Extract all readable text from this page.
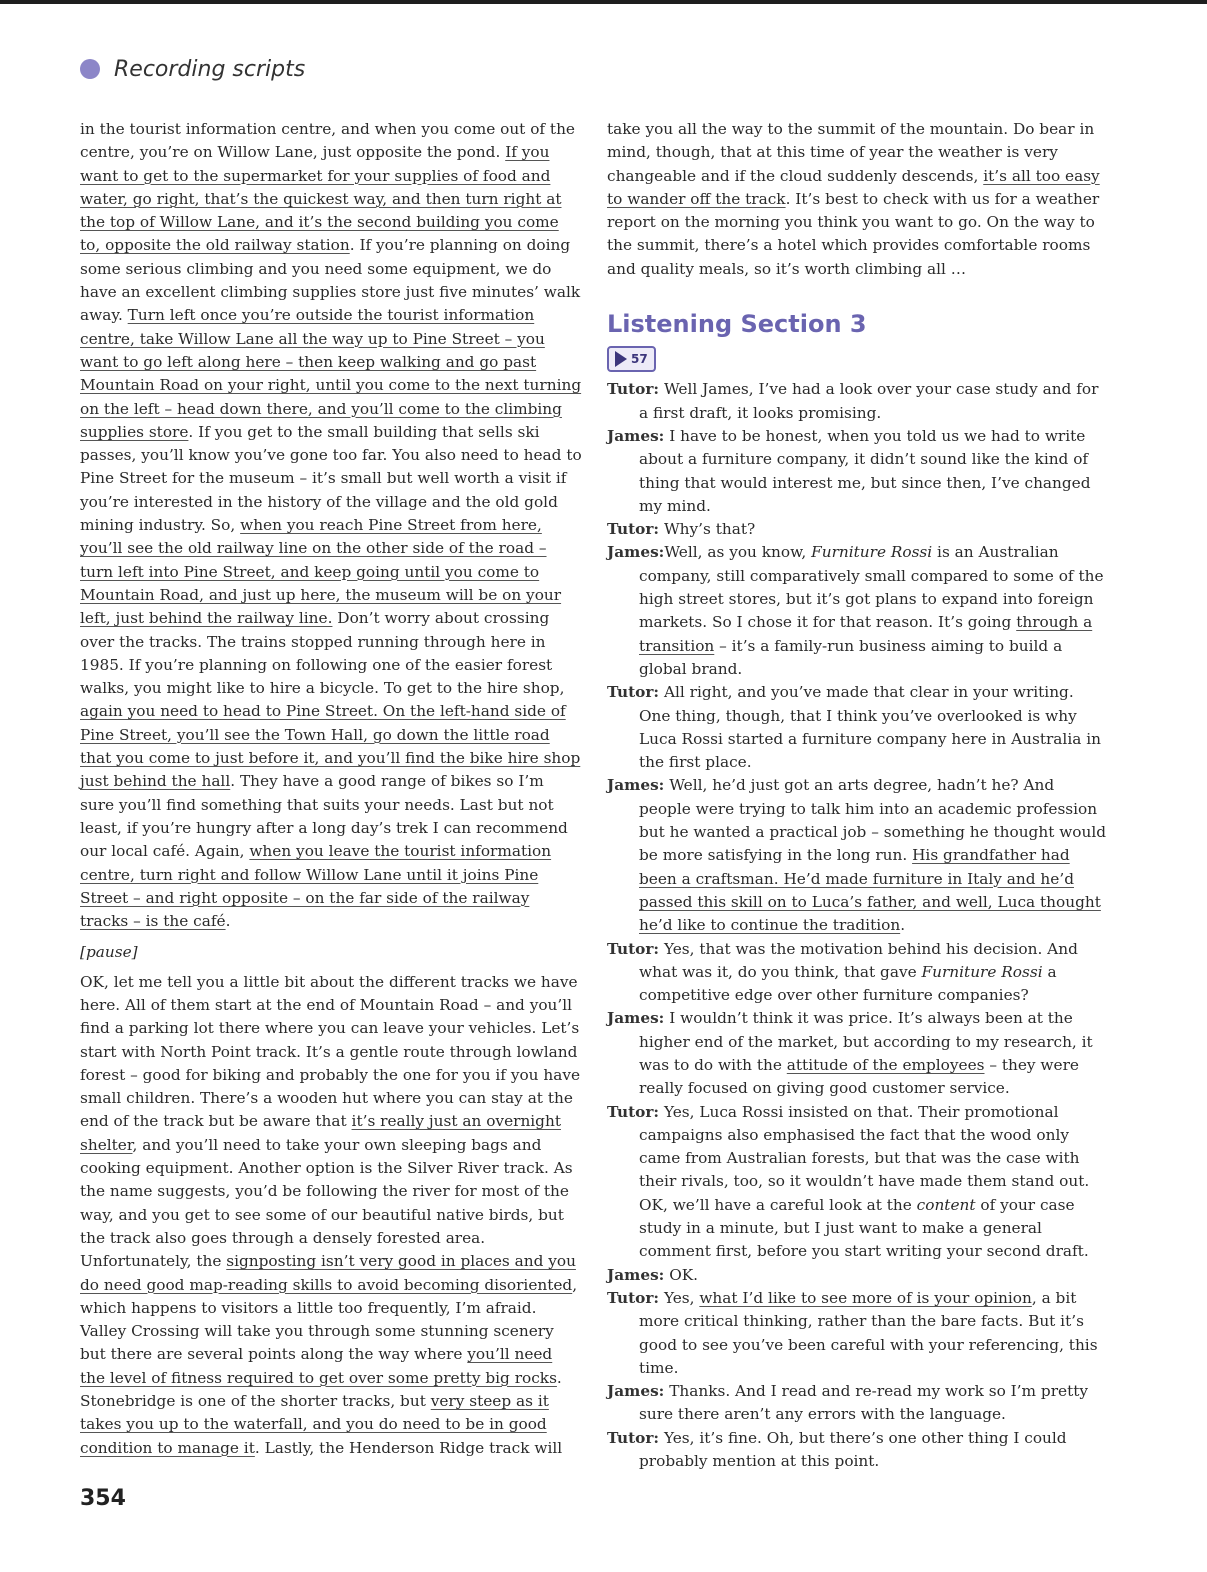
Recording scripts

in the tourist information centre, and when you come out of the centre, you’re on Willow Lane, just opposite the pond. If you want to get to the supermarket for your supplies of food and water, go right, that’s the quickest way, and then turn right at the top of Willow Lane, and it’s the second building you come to, opposite the old railway station. If you’re planning on doing some serious climbing and you need some equipment, we do have an excellent climbing supplies store just five minutes’ walk away. Turn left once you’re outside the tourist information centre, take Willow Lane all the way up to Pine Street – you want to go left along here – then keep walking and go past Mountain Road on your right, until you come to the next turning on the left – head down there, and you’ll come to the climbing supplies store. If you get to the small building that sells ski passes, you’ll know you’ve gone too far. You also need to head to Pine Street for the museum – it’s small but well worth a visit if you’re interested in the history of the village and the old gold mining industry. So, when you reach Pine Street from here, you’ll see the old railway line on the other side of the road – turn left into Pine Street, and keep going until you come to Mountain Road, and just up here, the museum will be on your left, just behind the railway line. Don’t worry about crossing over the tracks. The trains stopped running through here in 1985. If you’re planning on following one of the easier forest walks, you might like to hire a bicycle. To get to the hire shop, again you need to head to Pine Street. On the left-hand side of Pine Street, you’ll see the Town Hall, go down the little road that you come to just before it, and you’ll find the bike hire shop just behind the hall. They have a good range of bikes so I’m sure you’ll find something that suits your needs. Last but not least, if you’re hungry after a long day’s trek I can recommend our local café. Again, when you leave the tourist information centre, turn right and follow Willow Lane until it joins Pine Street – and right opposite – on the far side of the railway tracks – is the café.

[pause]

OK, let me tell you a little bit about the different tracks we have here. All of them start at the end of Mountain Road – and you’ll find a parking lot there where you can leave your vehicles. Let’s start with North Point track. It’s a gentle route through lowland forest – good for biking and probably the one for you if you have small children. There’s a wooden hut where you can stay at the end of the track but be aware that it’s really just an overnight shelter, and you’ll need to take your own sleeping bags and cooking equipment. Another option is the Silver River track. As the name suggests, you’d be following the river for most of the way, and you get to see some of our beautiful native birds, but the track also goes through a densely forested area. Unfortunately, the signposting isn’t very good in places and you do need good map-reading skills to avoid becoming disoriented, which happens to visitors a little too frequently, I’m afraid. Valley Crossing will take you through some stunning scenery but there are several points along the way where you’ll need the level of fitness required to get over some pretty big rocks. Stonebridge is one of the shorter tracks, but very steep as it takes you up to the waterfall, and you do need to be in good condition to manage it. Lastly, the Henderson Ridge track will

take you all the way to the summit of the mountain. Do bear in mind, though, that at this time of year the weather is very changeable and if the cloud suddenly descends, it’s all too easy to wander off the track. It’s best to check with us for a weather report on the morning you think you want to go. On the way to the summit, there’s a hotel which provides comfortable rooms and quality meals, so it’s worth climbing all …

Listening Section 3
57

Tutor: Well James, I’ve had a look over your case study and for a first draft, it looks promising.

James: I have to be honest, when you told us we had to write about a furniture company, it didn’t sound like the kind of thing that would interest me, but since then, I’ve changed my mind.

Tutor: Why’s that?

James:Well, as you know, Furniture Rossi is an Australian company, still comparatively small compared to some of the high street stores, but it’s got plans to expand into foreign markets. So I chose it for that reason. It’s going through a transition – it’s a family-run business aiming to build a global brand.

Tutor: All right, and you’ve made that clear in your writing. One thing, though, that I think you’ve overlooked is why Luca Rossi started a furniture company here in Australia in the first place.

James: Well, he’d just got an arts degree, hadn’t he? And people were trying to talk him into an academic profession but he wanted a practical job – something he thought would be more satisfying in the long run. His grandfather had been a craftsman. He’d made furniture in Italy and he’d passed this skill on to Luca’s father, and well, Luca thought he’d like to continue the tradition.

Tutor: Yes, that was the motivation behind his decision. And what was it, do you think, that gave Furniture Rossi a competitive edge over other furniture companies?

James: I wouldn’t think it was price. It’s always been at the higher end of the market, but according to my research, it was to do with the attitude of the employees – they were really focused on giving good customer service.

Tutor: Yes, Luca Rossi insisted on that. Their promotional campaigns also emphasised the fact that the wood only came from Australian forests, but that was the case with their rivals, too, so it wouldn’t have made them stand out. OK, we’ll have a careful look at the content of your case study in a minute, but I just want to make a general comment first, before you start writing your second draft.

James: OK.

Tutor: Yes, what I’d like to see more of is your opinion, a bit more critical thinking, rather than the bare facts. But it’s good to see you’ve been careful with your referencing, this time.

James: Thanks. And I read and re-read my work so I’m pretty sure there aren’t any errors with the language.

Tutor: Yes, it’s fine. Oh, but there’s one other thing I could probably mention at this point.

354
